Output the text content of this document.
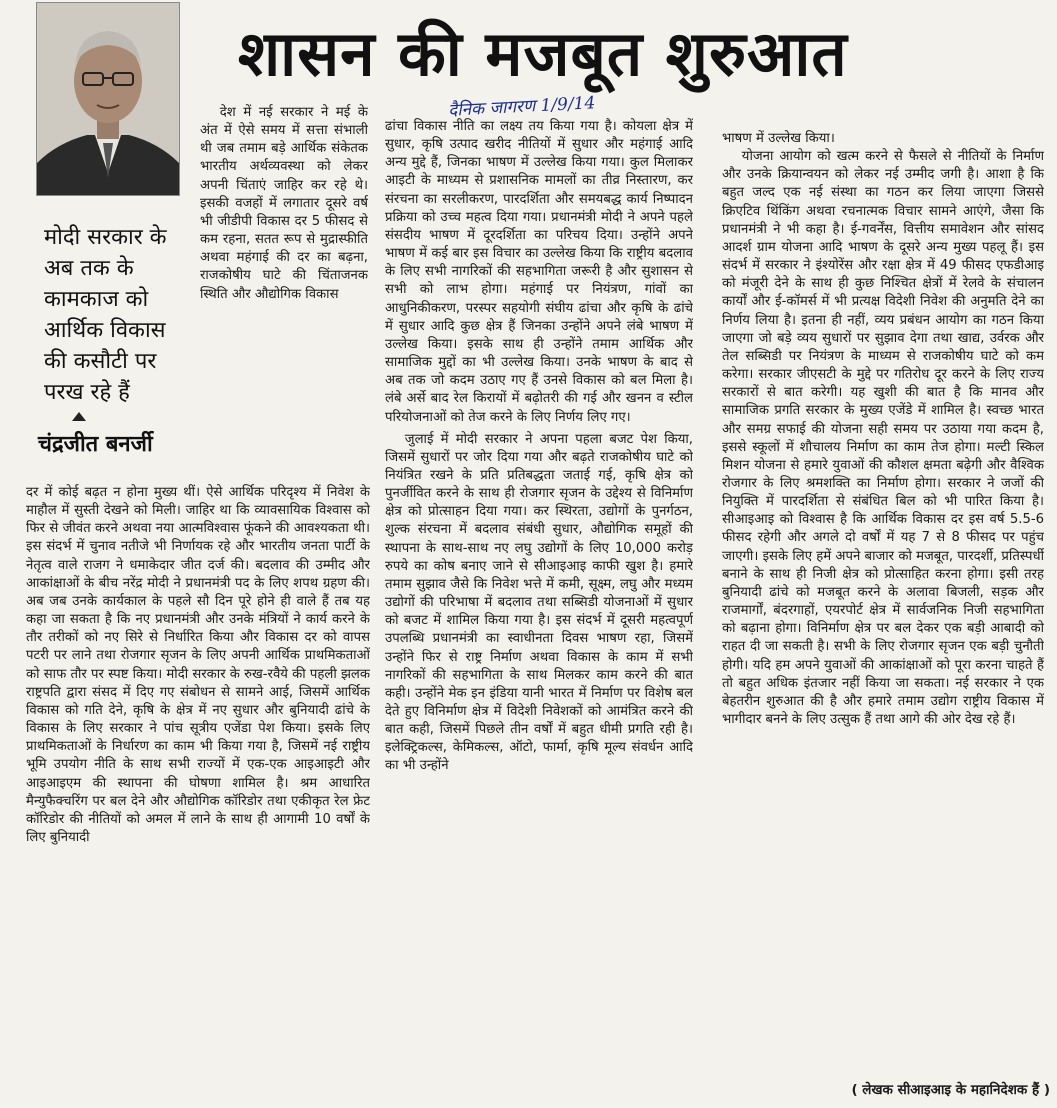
शासन की मजबूत शुरुआत
दैनिक जागरण 1/9/14
मोदी सरकार के अब तक के कामकाज को आर्थिक विकास की कसौटी पर परख रहे हैं
चंद्रजीत बनर्जी

देश में नई सरकार ने मई के अंत में ऐसे समय में सत्ता संभाली थी जब तमाम बड़े आर्थिक संकेतक भारतीय अर्थव्यवस्था को लेकर अपनी चिंताएं जाहिर कर रहे थे। इसकी वजहों में लगातार दूसरे वर्ष भी जीडीपी विकास दर 5 फीसद से कम रहना, सतत रूप से मुद्रास्फीति अथवा महंगाई की दर का बढ़ना, राजकोषीय घाटे की चिंताजनक स्थिति और औद्योगिक विकास

दर में कोई बढ़त न होना मुख्य थीं। ऐसे आर्थिक परिदृश्य में निवेश के माहौल में सुस्ती देखने को मिली। जाहिर था कि व्यावसायिक विश्वास को फिर से जीवंत करने अथवा नया आत्मविश्वास फूंकने की आवश्यकता थी। इस संदर्भ में चुनाव नतीजे भी निर्णायक रहे और भारतीय जनता पार्टी के नेतृत्व वाले राजग ने धमाकेदार जीत दर्ज की। बदलाव की उम्मीद और आकांक्षाओं के बीच नरेंद्र मोदी ने प्रधानमंत्री पद के लिए शपथ ग्रहण की। अब जब उनके कार्यकाल के पहले सौ दिन पूरे होने ही वाले हैं तब यह कहा जा सकता है कि नए प्रधानमंत्री और उनके मंत्रियों ने कार्य करने के तौर तरीकों को नए सिरे से निर्धारित किया और विकास दर को वापस पटरी पर लाने तथा रोजगार सृजन के लिए अपनी आर्थिक प्राथमिकताओं को साफ तौर पर स्पष्ट किया। मोदी सरकार के रुख-रवैये की पहली झलक राष्ट्रपति द्वारा संसद में दिए गए संबोधन से सामने आई, जिसमें आर्थिक विकास को गति देने, कृषि के क्षेत्र में नए सुधार और बुनियादी ढांचे के विकास के लिए सरकार ने पांच सूत्रीय एजेंडा पेश किया। इसके लिए प्राथमिकताओं के निर्धारण का काम भी किया गया है, जिसमें नई राष्ट्रीय भूमि उपयोग नीति के साथ सभी राज्यों में एक-एक आइआइटी और आइआइएम की स्थापना की घोषणा शामिल है। श्रम आधारित मैन्युफैक्चरिंग पर बल देने और औद्योगिक कॉरिडोर तथा एकीकृत रेल फ्रेट कॉरिडोर की नीतियों को अमल में लाने के साथ ही आगामी 10 वर्षों के लिए बुनियादी

ढांचा विकास नीति का लक्ष्य तय किया गया है। कोयला क्षेत्र में सुधार, कृषि उत्पाद खरीद नीतियों में सुधार और महंगाई आदि अन्य मुद्दे हैं, जिनका भाषण में उल्लेख किया गया। कुल मिलाकर आइटी के माध्यम से प्रशासनिक मामलों का तीव्र निस्तारण, कर संरचना का सरलीकरण, पारदर्शिता और समयबद्ध कार्य निष्पादन प्रक्रिया को उच्च महत्व दिया गया। प्रधानमंत्री मोदी ने अपने पहले संसदीय भाषण में दूरदर्शिता का परिचय दिया। उन्होंने अपने भाषण में कई बार इस विचार का उल्लेख किया कि राष्ट्रीय बदलाव के लिए सभी नागरिकों की सहभागिता जरूरी है और सुशासन से सभी को लाभ होगा। महंगाई पर नियंत्रण, गांवों का आधुनिकीकरण, परस्पर सहयोगी संघीय ढांचा और कृषि के ढांचे में सुधार आदि कुछ क्षेत्र हैं जिनका उन्होंने अपने लंबे भाषण में उल्लेख किया। इसके साथ ही उन्होंने तमाम आर्थिक और सामाजिक मुद्दों का भी उल्लेख किया। उनके भाषण के बाद से अब तक जो कदम उठाए गए हैं उनसे विकास को बल मिला है। लंबे अर्से बाद रेल किरायों में बढ़ोतरी की गई और खनन व स्टील परियोजनाओं को तेज करने के लिए निर्णय लिए गए।

जुलाई में मोदी सरकार ने अपना पहला बजट पेश किया, जिसमें सुधारों पर जोर दिया गया और बढ़ते राजकोषीय घाटे को नियंत्रित रखने के प्रति प्रतिबद्धता जताई गई, कृषि क्षेत्र को पुनर्जीवित करने के साथ ही रोजगार सृजन के उद्देश्य से विनिर्माण क्षेत्र को प्रोत्साहन दिया गया। कर स्थिरता, उद्योगों के पुनर्गठन, शुल्क संरचना में बदलाव संबंधी सुधार, औद्योगिक समूहों की स्थापना के साथ-साथ नए लघु उद्योगों के लिए 10,000 करोड़ रुपये का कोष बनाए जाने से सीआइआइ काफी खुश है। हमारे तमाम सुझाव जैसे कि निवेश भत्ते में कमी, सूक्ष्म, लघु और मध्यम उद्योगों की परिभाषा में बदलाव तथा सब्सिडी योजनाओं में सुधार को बजट में शामिल किया गया है। इस संदर्भ में दूसरी महत्वपूर्ण उपलब्धि प्रधानमंत्री का स्वाधीनता दिवस भाषण रहा, जिसमें उन्होंने फिर से राष्ट्र निर्माण अथवा विकास के काम में सभी नागरिकों की सहभागिता के साथ मिलकर काम करने की बात कही। उन्होंने मेक इन इंडिया यानी भारत में निर्माण पर विशेष बल देते हुए विनिर्माण क्षेत्र में विदेशी निवेशकों को आमंत्रित करने की बात कही, जिसमें पिछले तीन वर्षों में बहुत धीमी प्रगति रही है। इलेक्ट्रिकल्स, केमिकल्स, ऑटो, फार्मा, कृषि मूल्य संवर्धन आदि का भी उन्होंने

भाषण में उल्लेख किया।

योजना आयोग को खत्म करने से फैसले से नीतियों के निर्माण और उनके क्रियान्वयन को लेकर नई उम्मीद जगी है। आशा है कि बहुत जल्द एक नई संस्था का गठन कर लिया जाएगा जिससे क्रिएटिव थिंकिंग अथवा रचनात्मक विचार सामने आएंगे, जैसा कि प्रधानमंत्री ने भी कहा है। ई-गवर्नेंस, वित्तीय समावेशन और सांसद आदर्श ग्राम योजना आदि भाषण के दूसरे अन्य मुख्य पहलू हैं। इस संदर्भ में सरकार ने इंश्योरेंस और रक्षा क्षेत्र में 49 फीसद एफडीआइ को मंजूरी देने के साथ ही कुछ निश्चित क्षेत्रों में रेलवे के संचालन कार्यों और ई-कॉमर्स में भी प्रत्यक्ष विदेशी निवेश की अनुमति देने का निर्णय लिया है। इतना ही नहीं, व्यय प्रबंधन आयोग का गठन किया जाएगा जो बड़े व्यय सुधारों पर सुझाव देगा तथा खाद्य, उर्वरक और तेल सब्सिडी पर नियंत्रण के माध्यम से राजकोषीय घाटे को कम करेगा। सरकार जीएसटी के मुद्दे पर गतिरोध दूर करने के लिए राज्य सरकारों से बात करेगी। यह खुशी की बात है कि मानव और सामाजिक प्रगति सरकार के मुख्य एजेंडे में शामिल है। स्वच्छ भारत और समग्र सफाई की योजना सही समय पर उठाया गया कदम है, इससे स्कूलों में शौचालय निर्माण का काम तेज होगा। मल्टी स्किल मिशन योजना से हमारे युवाओं की कौशल क्षमता बढ़ेगी और वैश्विक रोजगार के लिए श्रमशक्ति का निर्माण होगा। सरकार ने जजों की नियुक्ति में पारदर्शिता से संबंधित बिल को भी पारित किया है। सीआइआइ को विश्वास है कि आर्थिक विकास दर इस वर्ष 5.5-6 फीसद रहेगी और अगले दो वर्षों में यह 7 से 8 फीसद पर पहुंच जाएगी। इसके लिए हमें अपने बाजार को मजबूत, पारदर्शी, प्रतिस्पर्धी बनाने के साथ ही निजी क्षेत्र को प्रोत्साहित करना होगा। इसी तरह बुनियादी ढांचे को मजबूत करने के अलावा बिजली, सड़क और राजमार्गों, बंदरगाहों, एयरपोर्ट क्षेत्र में सार्वजनिक निजी सहभागिता को बढ़ाना होगा। विनिर्माण क्षेत्र पर बल देकर एक बड़ी आबादी को राहत दी जा सकती है। सभी के लिए रोजगार सृजन एक बड़ी चुनौती होगी। यदि हम अपने युवाओं की आकांक्षाओं को पूरा करना चाहते हैं तो बहुत अधिक इंतजार नहीं किया जा सकता। नई सरकार ने एक बेहतरीन शुरुआत की है और हमारे तमाम उद्योग राष्ट्रीय विकास में भागीदार बनने के लिए उत्सुक हैं तथा आगे की ओर देख रहे हैं।

( लेखक सीआइआइ के महानिदेशक हैं )
